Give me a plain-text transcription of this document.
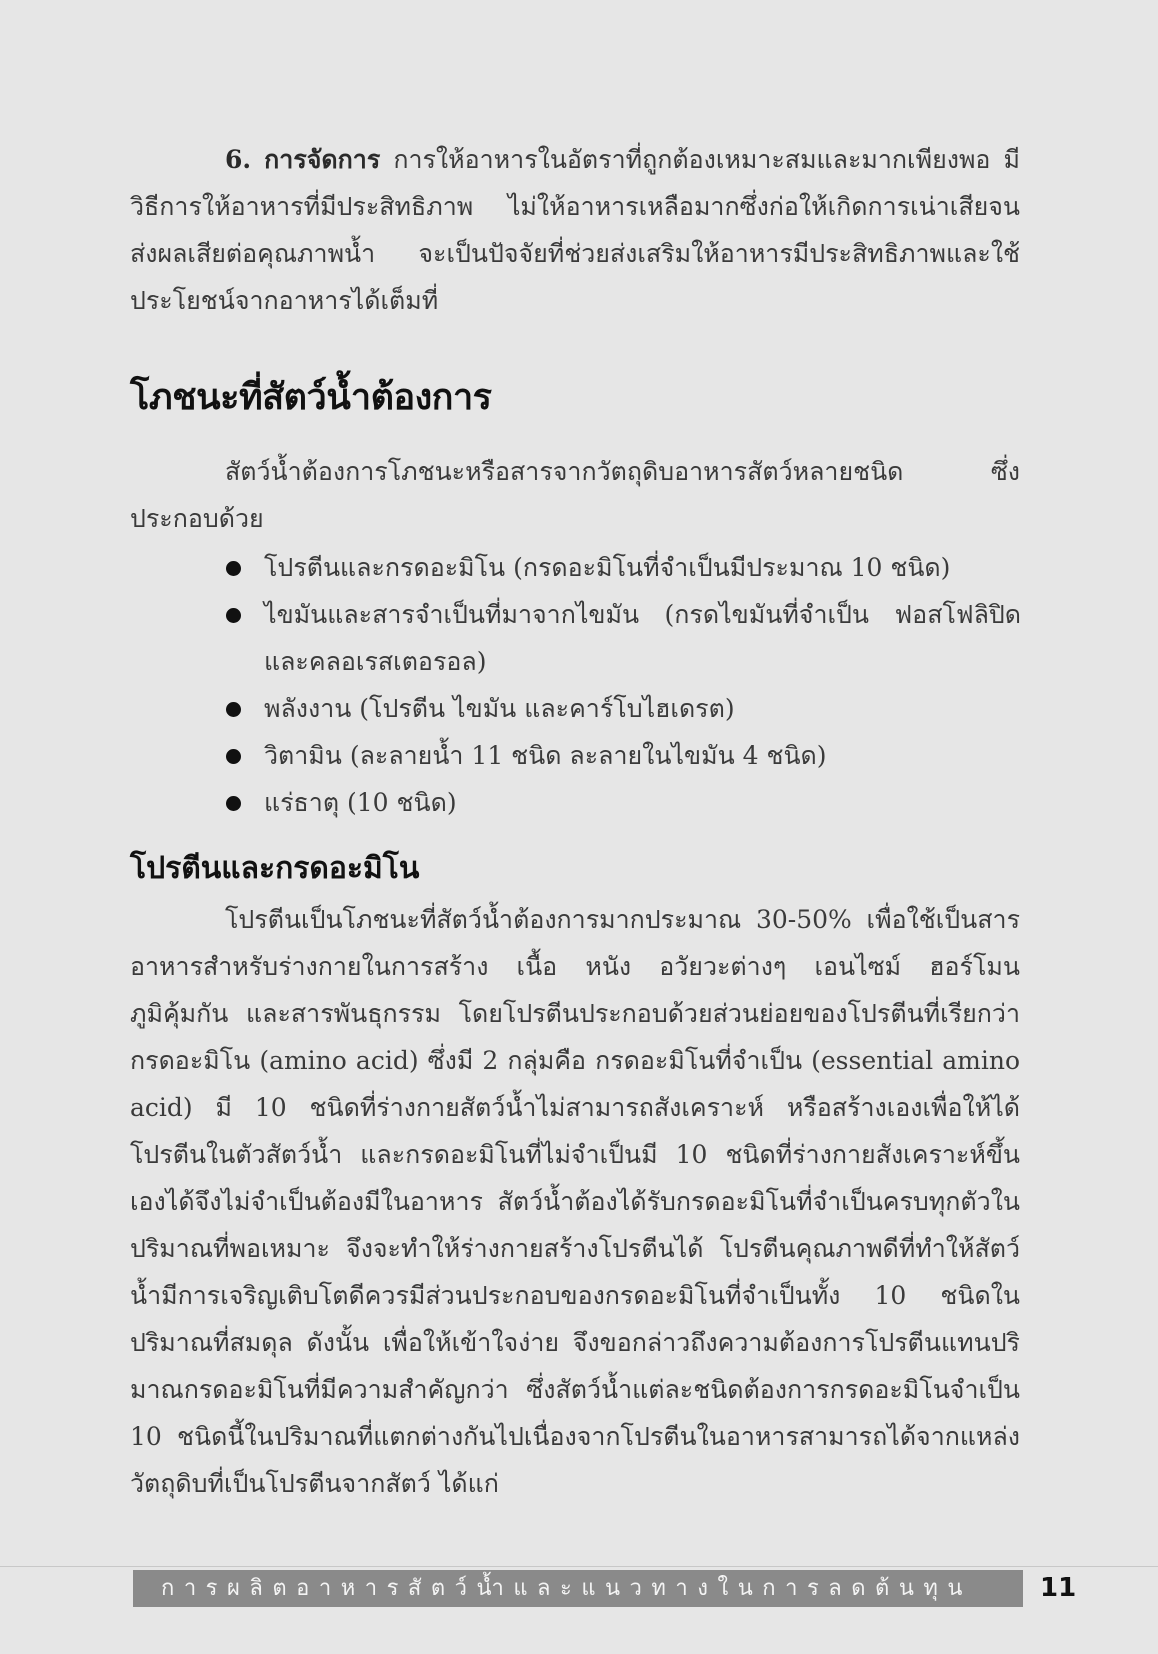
6. การจัดการ การให้อาหารในอัตราที่ถูกต้องเหมาะสมและมากเพียงพอ มีวิธีการให้อาหารที่มีประสิทธิภาพ ไม่ให้อาหารเหลือมากซึ่งก่อให้เกิดการเน่าเสียจนส่งผลเสียต่อคุณภาพน้ำ จะเป็นปัจจัยที่ช่วยส่งเสริมให้อาหารมีประสิทธิภาพและใช้ประโยชน์จากอาหารได้เต็มที่

โภชนะที่สัตว์น้ำต้องการ

สัตว์น้ำต้องการโภชนะหรือสารจากวัตถุดิบอาหารสัตว์หลายชนิด ซึ่งประกอบด้วย

โปรตีนและกรดอะมิโน (กรดอะมิโนที่จำเป็นมีประมาณ 10 ชนิด)
ไขมันและสารจำเป็นที่มาจากไขมัน (กรดไขมันที่จำเป็น ฟอสโฟลิปิดและคลอเรสเตอรอล)
พลังงาน (โปรตีน ไขมัน และคาร์โบไฮเดรต)
วิตามิน (ละลายน้ำ 11 ชนิด ละลายในไขมัน 4 ชนิด)
แร่ธาตุ (10 ชนิด)
โปรตีนและกรดอะมิโน

โปรตีนเป็นโภชนะที่สัตว์น้ำต้องการมากประมาณ 30-50% เพื่อใช้เป็นสารอาหารสำหรับร่างกายในการสร้าง เนื้อ หนัง อวัยวะต่างๆ เอนไซม์ ฮอร์โมน ภูมิคุ้มกัน และสารพันธุกรรม โดยโปรตีนประกอบด้วยส่วนย่อยของโปรตีนที่เรียกว่า กรดอะมิโน (amino acid) ซึ่งมี 2 กลุ่มคือ กรดอะมิโนที่จำเป็น (essential amino acid) มี 10 ชนิดที่ร่างกายสัตว์น้ำไม่สามารถสังเคราะห์ หรือสร้างเองเพื่อให้ได้โปรตีนในตัวสัตว์น้ำ และกรดอะมิโนที่ไม่จำเป็นมี 10 ชนิดที่ร่างกายสังเคราะห์ขึ้นเองได้จึงไม่จำเป็นต้องมีในอาหาร สัตว์น้ำต้องได้รับกรดอะมิโนที่จำเป็นครบทุกตัวในปริมาณที่พอเหมาะ จึงจะทำให้ร่างกายสร้างโปรตีนได้ โปรตีนคุณภาพดีที่ทำให้สัตว์น้ำมีการเจริญเติบโตดีควรมีส่วนประกอบของกรดอะมิโนที่จำเป็นทั้ง 10 ชนิดในปริมาณที่สมดุล ดังนั้น เพื่อให้เข้าใจง่าย จึงขอกล่าวถึงความต้องการโปรตีนแทนปริมาณกรดอะมิโนที่มีความสำคัญกว่า ซึ่งสัตว์น้ำแต่ละชนิดต้องการกรดอะมิโนจำเป็น 10 ชนิดนี้ในปริมาณที่แตกต่างกันไปเนื่องจากโปรตีนในอาหารสามารถได้จากแหล่งวัตถุดิบที่เป็นโปรตีนจากสัตว์ ได้แก่

การผลิตอาหารสัตว์น้ำและแนวทางในการลดต้นทุน	11
